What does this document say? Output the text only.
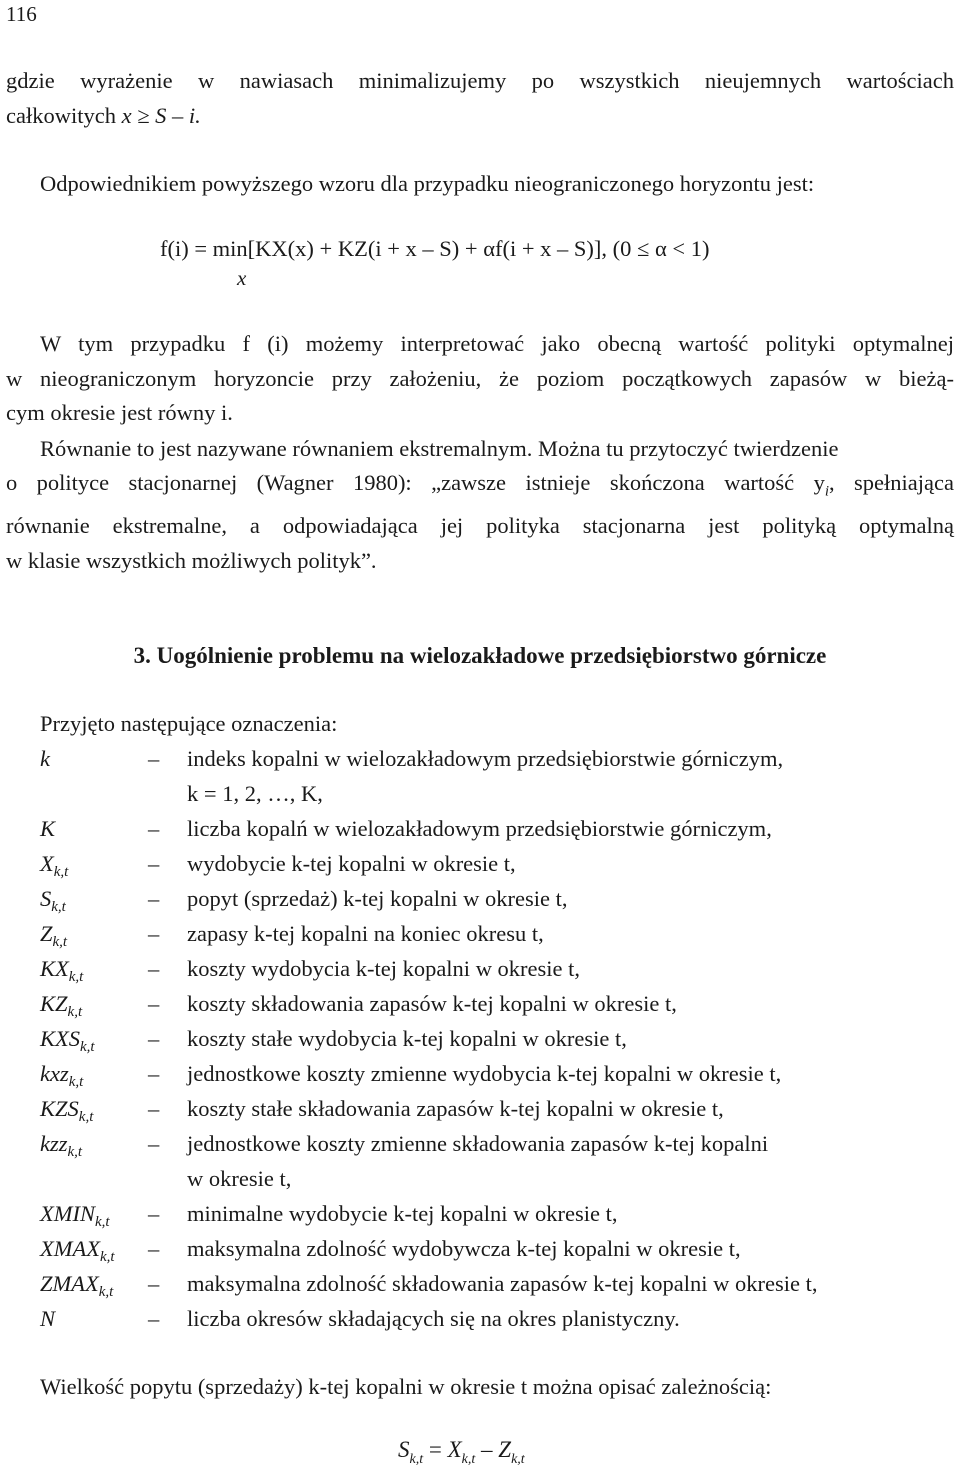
116
gdzie wyrażenie w nawiasach minimalizujemy po wszystkich nieujemnych wartościach
całkowitych x ≥ S – i.
Odpowiednikiem powyższego wzoru dla przypadku nieograniczonego horyzontu jest:
f(i) = min[KX(x) + KZ(i + x – S) + αf(i + x – S)], (0 ≤ α < 1)
x
W tym przypadku f (i) możemy interpretować jako obecną wartość polityki optymalnej
w nieograniczonym horyzoncie przy założeniu, że poziom początkowych zapasów w bieżą-
cym okresie jest równy i.
Równanie to jest nazywane równaniem ekstremalnym. Można tu przytoczyć twierdzenie
o polityce stacjonarnej (Wagner 1980): „zawsze istnieje skończona wartość $y_i$, spełniająca
równanie ekstremalne, a odpowiadająca jej polityka stacjonarna jest polityką optymalną
w klasie wszystkich możliwych polityk”.
3. Uogólnienie problemu na wielozakładowe przedsiębiorstwo górnicze
Przyjęto następujące oznaczenia:
k	– indeks kopalni w wielozakładowym przedsiębiorstwie górniczym,
k = 1, 2, …, K,
K	– liczba kopalń w wielozakładowym przedsiębiorstwie górniczym,
$X_{k,t}$	– wydobycie k-tej kopalni w okresie t,
$S_{k,t}$	– popyt (sprzedaż) k-tej kopalni w okresie t,
$Z_{k,t}$	– zapasy k-tej kopalni na koniec okresu t,
$KX_{k,t}$	– koszty wydobycia k-tej kopalni w okresie t,
$KZ_{k,t}$	– koszty składowania zapasów k-tej kopalni w okresie t,
$KXS_{k,t}$ – koszty stałe wydobycia k-tej kopalni w okresie t,
kxz$_{k,t}$	– jednostkowe koszty zmienne wydobycia k-tej kopalni w okresie t,
$KZS_{k,t}$ – koszty stałe składowania zapasów k-tej kopalni w okresie t,
kzz$_{k,t}$	– jednostkowe koszty zmienne składowania zapasów k-tej kopalni
w okresie t,
$XMIN_{k,t}$ – minimalne wydobycie k-tej kopalni w okresie t,
$XMAX_{k,t}$ – maksymalna zdolność wydobywcza k-tej kopalni w okresie t,
$ZMAX_{k,t}$ – maksymalna zdolność składowania zapasów k-tej kopalni w okresie t,
N	– liczba okresów składających się na okres planistyczny.
Wielkość popytu (sprzedaży) k-tej kopalni w okresie t można opisać zależnością:
$S_{k,t} = X_{k,t} - Z_{k,t}$
